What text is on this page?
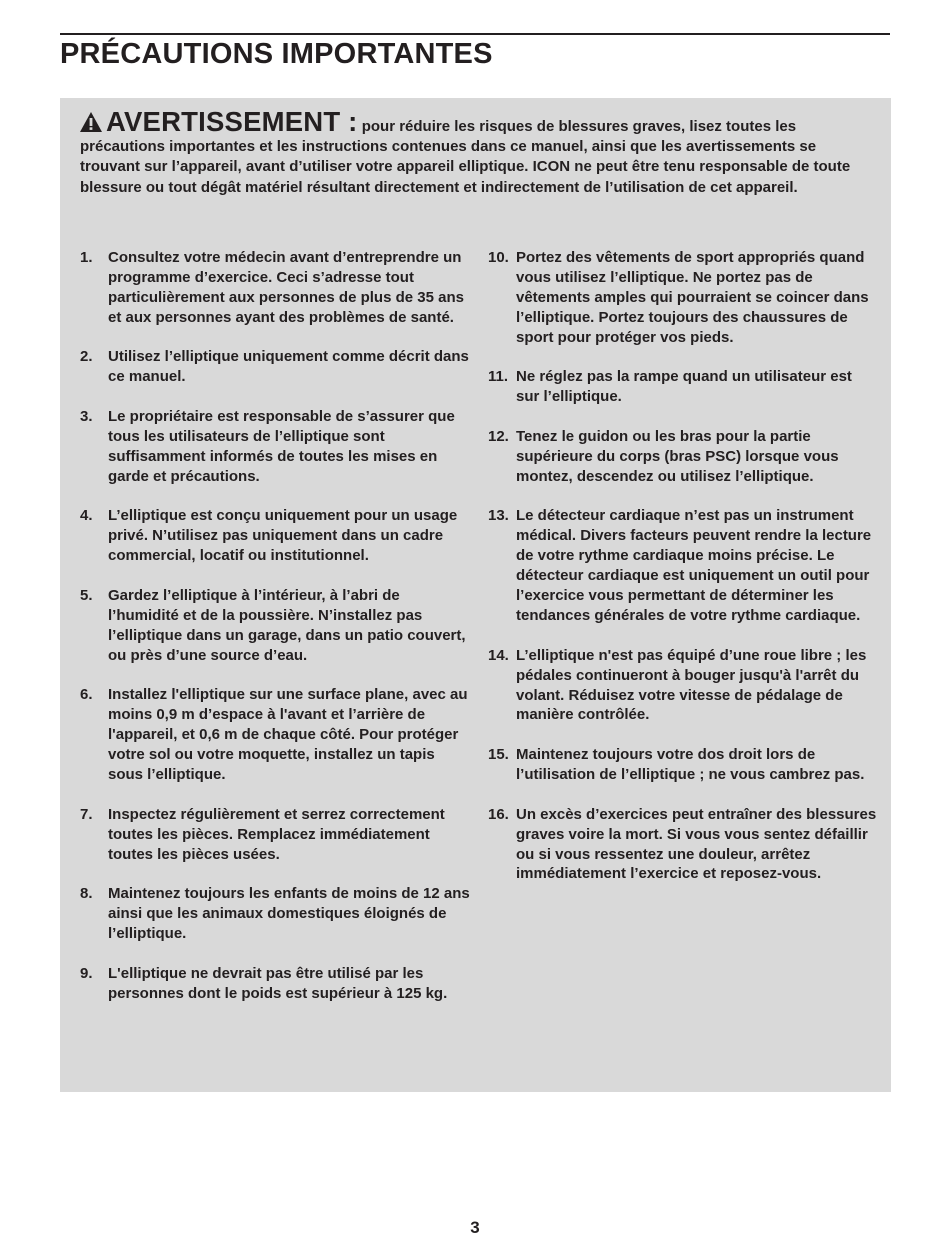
PRÉCAUTIONS IMPORTANTES

AVERTISSEMENT : pour réduire les risques de blessures graves, lisez toutes les précautions importantes et les instructions contenues dans ce manuel, ainsi que les avertissements se trouvant sur l’appareil, avant d’utiliser votre appareil elliptique. ICON ne peut être tenu responsable de toute blessure ou tout dégât matériel résultant directement et indirectement de l’utilisation de cet appareil.

1. Consultez votre médecin avant d’entreprendre un programme d’exercice. Ceci s’adresse tout particulièrement aux personnes de plus de 35 ans et aux personnes ayant des problèmes de santé.
2. Utilisez l’elliptique uniquement comme décrit dans ce manuel.
3. Le propriétaire est responsable de s’assurer que tous les utilisateurs de l’elliptique sont suffisamment informés de toutes les mises en garde et précautions.
4. L’elliptique est conçu uniquement pour un usage privé. N’utilisez pas uniquement dans un cadre commercial, locatif ou institutionnel.
5. Gardez l’elliptique à l’intérieur, à l’abri de l’humidité et de la poussière. N’installez pas l’elliptique dans un garage, dans un patio couvert, ou près d’une source d’eau.
6. Installez l'elliptique sur une surface plane, avec au moins 0,9 m d’espace à l'avant et l’arrière de l'appareil, et 0,6 m de chaque côté. Pour protéger votre sol ou votre moquette, installez un tapis sous l’elliptique.
7. Inspectez régulièrement et serrez correctement toutes les pièces. Remplacez immédiatement toutes les pièces usées.
8. Maintenez toujours les enfants de moins de 12 ans ainsi que les animaux domestiques éloignés de l’elliptique.
9. L'elliptique ne devrait pas être utilisé par les personnes dont le poids est supérieur à 125 kg.
10. Portez des vêtements de sport appropriés quand vous utilisez l’elliptique. Ne portez pas de vêtements amples qui pourraient se coincer dans l’elliptique. Portez toujours des chaussures de sport pour protéger vos pieds.
11. Ne réglez pas la rampe quand un utilisateur est sur l’elliptique.
12. Tenez le guidon ou les bras pour la partie supérieure du corps (bras PSC) lorsque vous montez, descendez ou utilisez l’elliptique.
13. Le détecteur cardiaque n’est pas un instrument médical. Divers facteurs peuvent rendre la lecture de votre rythme cardiaque moins précise. Le détecteur cardiaque est uniquement un outil pour l’exercice vous permettant de déterminer les tendances générales de votre rythme cardiaque.
14. L’elliptique n'est pas équipé d’une roue libre ; les pédales continueront à bouger jusqu'à l'arrêt du volant. Réduisez votre vitesse de pédalage de manière contrôlée.
15. Maintenez toujours votre dos droit lors de l’utilisation de l’elliptique ; ne vous cambrez pas.
16. Un excès d’exercices peut entraîner des blessures graves voire la mort. Si vous vous sentez défaillir ou si vous ressentez une douleur, arrêtez immédiatement l’exercice et reposez-vous.
3
